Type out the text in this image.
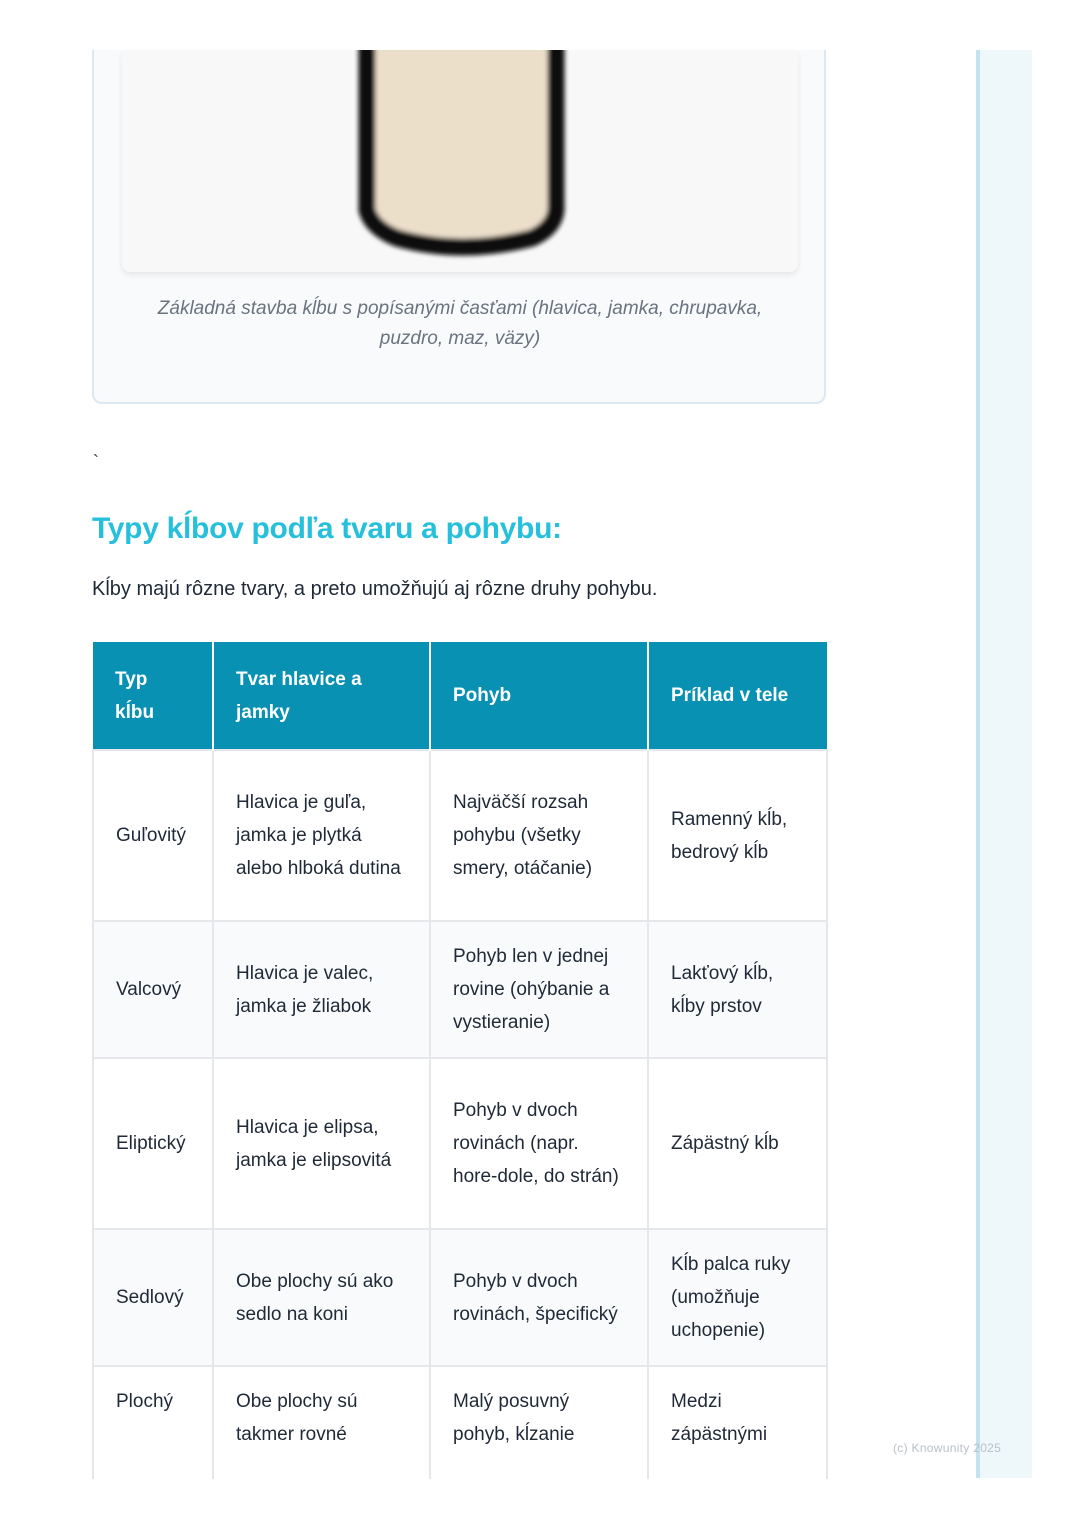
Základná stavba kĺbu s popísanými časťami (hlavica, jamka, chrupavka, puzdro, maz, väzy)
`
Typy kĺbov podľa tvaru a pohybu:

Kĺby majú rôzne tvary, a preto umožňujú aj rôzne druhy pohybu.

Typ kĺbu	Tvar hlavice a jamky	Pohyb	Príklad v tele
Guľovitý	Hlavica je guľa, jamka je plytká alebo hlboká dutina	Najväčší rozsah pohybu (všetky smery, otáčanie)	Ramenný kĺb, bedrový kĺb
Valcový	Hlavica je valec, jamka je žliabok	Pohyb len v jednej rovine (ohýbanie a vystieranie)	Lakťový kĺb, kĺby prstov
Eliptický	Hlavica je elipsa, jamka je elipsovitá	Pohyb v dvoch rovinách (napr. hore-dole, do strán)	Zápästný kĺb
Sedlový	Obe plochy sú ako sedlo na koni	Pohyb v dvoch rovinách, špecifický	Kĺb palca ruky (umožňuje uchopenie)
Plochý	Obe plochy sú takmer rovné	Malý posuvný pohyb, kĺzanie	Medzi zápästnými
(c) Knowunity 2025
